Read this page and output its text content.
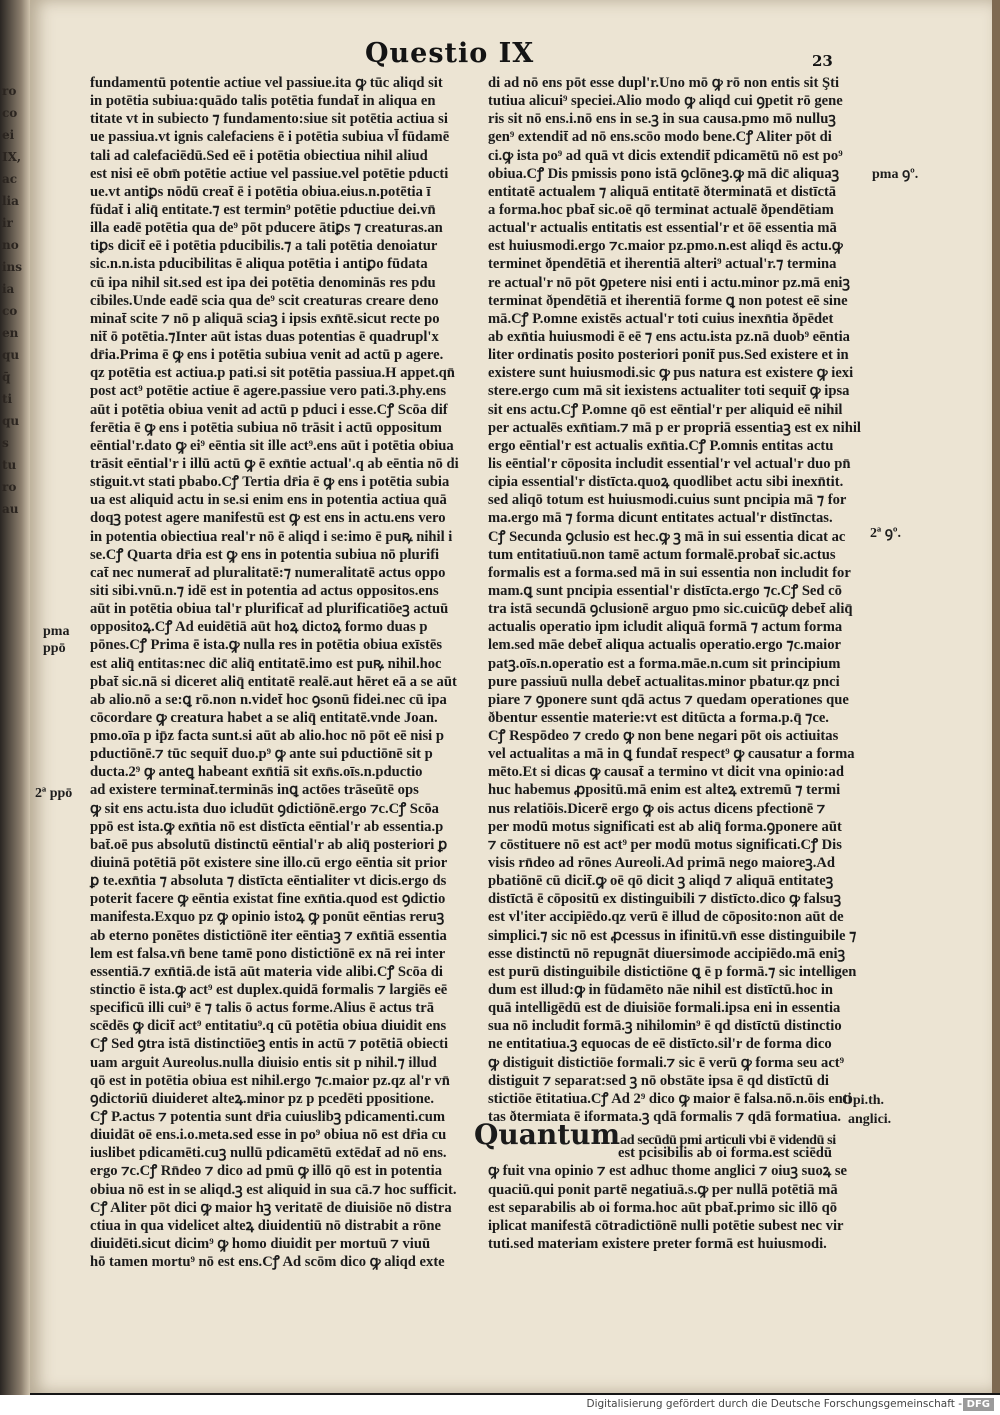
ro
co
ei
IX,
ac
lia
ir
no
ins
ia
co
en
qu
q̄
ti
qu
s
tu
ro
au
Questio IX	23
fundamentū potentie actiue vel passiue.ita ꝙ tūc aliqd sit
in potētia subiua:quādo talis potētia fundat̄ in aliqua en
titate vt in subiecto ⁊ fundamento:siue sit potētia actiua si
ue passiua.vt ignis calefaciens ē i potētia subiua vl̄ fūdamē
tali ad calefaciēdū.Sed eē i potētia obiectiua nihil aliud
est nisi eē obm̄ potētie actiue vel passiue.vel potētie pducti
ue.vt antiꝑs nōdū creat̄ ē i potētia obiua.eius.n.potētia ī
fūdat̄ i aliq̄ entitate.⁊ est termin⁹ potētie pductiue dei.vn̄
illa eadē potētia qua de⁹ pōt pducere ātiꝑs ⁊ creaturas.an
tiꝑs dicit̄ eē i potētia pducibilis.⁊ a tali potētia denoiatur
sic.n.n.ista pducibilitas ē aliqua potētia i antiꝑo fūdata
cū ipa nihil sit.sed est ipa dei potētia denominās res pdu
cibiles.Unde eadē scia qua de⁹ scit creaturas creare deno
minat̄ scite ⁊ nō p aliquā sciaꝫ i ipsis exn̄tē.sicut recte po
nit̄ ō potētia.⁊Inter aūt istas duas potentias ē quadrupl'x
dr̄ia.Prima ē ꝙ ens i potētia subiua venit ad actū p agere.
qz potētia est actiua.p pati.si sit potētia passiua.H appet.qn̄
post act⁹ potētie actiue ē agere.passiue vero pati.3.phy.ens
aūt i potētia obiua venit ad actū p pduci i esse.Cꝭ Scōa dif
ferētia ē ꝙ ens i potētia subiua nō trāsit i actū oppositum
eēntial'r.dato ꝙ ei⁹ eēntia sit ille act⁹.ens aūt i potētia obiua
trāsit eēntial'r i illū actū ꝙ ē exn̄tie actual'.q ab eēntia nō di
stiguit.vt stati pbabo.Cꝭ Tertia dr̄ia ē ꝙ ens i potētia subia
ua est aliquid actu in se.si enim ens in potentia actiua quā
doqꝫ potest agere manifestū est ꝙ est ens in actu.ens vero
in potentia obiectiua real'r nō ē aliqd i se:imo ē puꝶ nihil i
se.Cꝭ Quarta dr̄ia est ꝙ ens in potentia subiua nō plurifi
cat̄ nec numerat̄ ad pluralitatē:⁊ numeralitatē actus oppo
siti sibi.vnū.n.⁊ idē est in potentia ad actus oppositos.ens
aūt in potētia obiua tal'r plurificat̄ ad plurificatiōeꝫ actuū
oppositoꝝ.Cꝭ Ad euidētiā aūt hoꝝ dictoꝝ formo duas p
pōnes.Cꝭ Prima ē ista.ꝙ nulla res in potētia obiua exīstēs
est aliq̄ entitas:nec dic̄ aliq̄ entitatē.imo est puꝶ nihil.hoc
pbat̄ sic.nā si diceret aliq̄ entitatē realē.aut hēret eā a se aūt
ab alio.nō a se:ꝗ rō.non n.videt̄ hoc ꝯsonū fidei.nec cū ipa
cōcordare ꝙ creatura habet a se aliq̄ entitatē.vnde Joan.
pmo.oīa p ip̄z facta sunt.si aūt ab alio.hoc nō pōt eē nisi p
pductiōnē.⁊ tūc sequit̄ duo.p⁹ ꝙ ante sui pductiōnē sit p
ducta.2⁹ ꝙ anteꝗ habeant exn̄tiā sit exn̄s.oīs.n.pductio
ad existere terminat̄.terminās inꝗ actōes trāseūtē ops
ꝙ sit ens actu.ista duo icludūt ꝯdictiōnē.ergo ⁊c.Cꝭ Scōa
ppō est ista.ꝙ exn̄tia nō est distīcta eēntial'r ab essentia.p
bat̄.oē pus absolutū distinctū eēntial'r ab aliq̄ posteriori ꝑ
diuinā potētiā pōt existere sine illo.cū ergo eēntia sit prior
ꝑ te.exn̄tia ⁊ absoluta ⁊ distīcta eēntialiter vt dicis.ergo ds
poterit facere ꝙ eēntia existat fine exn̄tia.quod est ꝯdictio
manifesta.Exquo pz ꝙ opinio istoꝝ ꝙ ponūt eēntias reruꝫ
ab eterno ponētes distictiōnē iter eēntiaꝫ ⁊ exn̄tiā essentia
lem est falsa.vn̄ bene tamē pono distictiōnē ex nā rei inter
essentiā.⁊ exn̄tiā.de istā aūt materia vide alibi.Cꝭ Scōa di
stinctio ē ista.ꝙ act⁹ est duplex.quidā formalis ⁊ largiēs eē
specificū illi cui⁹ ē ⁊ talis ō actus forme.Alius ē actus trā
scēdēs ꝙ dicit̄ act⁹ entitatiu⁹.q cū potētia obiua diuidit ens
Cꝭ Sed ꝯtra istā distinctiōeꝫ entis in actū ⁊ potētiā obiecti
uam arguit Aureolus.nulla diuisio entis sit p nihil.⁊ illud
qō est in potētia obiua est nihil.ergo ⁊c.maior pz.qz al'r vn̄
ꝯdictoriū diuideret alteꝝ.minor pz p pcedēti ppositione.
Cꝭ P.actus ⁊ potentia sunt dr̄ia cuiuslibꝫ pdicamenti.cum
diuidāt oē ens.i.o.meta.sed esse in po⁹ obiua nō est dr̄ia cu
iuslibet pdicamēti.cuꝫ nullū pdicamētū extēdat̄ ad nō ens.
ergo ⁊c.Cꝭ Rn̄deo ⁊ dico ad pmū ꝙ illō qō est in potentia
obiua nō est in se aliqd.ꝫ est aliquid in sua cā.⁊ hoc sufficit.
Cꝭ Aliter pōt dici ꝙ maior hꝫ veritatē de diuisiōe nō distra
ctiua in qua videlicet alteꝝ diuidentiū nō distrabit a rōne
diuidēti.sicut dicim⁹ ꝙ homo diuidit per mortuū ⁊ viuū
hō tamen mortu⁹ nō est ens.Cꝭ Ad scōm dico ꝙ aliqd exte
di ad nō ens pōt esse dupl'r.Uno mō ꝙ rō non entis sit Şti
tutiua alicui⁹ speciei.Alio modo ꝙ aliqd cui ꝯpetit rō gene
ris sit nō ens.i.nō ens in se.ꝫ in sua causa.pmo mō nulluꝫ
gen⁹ extendit̄ ad nō ens.scōo modo bene.Cꝭ Aliter pōt di
ci.ꝙ ista po⁹ ad quā vt dicis extendit̄ pdicamētū nō est po⁹
obiua.Cꝭ Dis pmissis pono istā ꝯclōneꝫ.ꝙ mā dic̄ aliquaꝫ
entitatē actualem ⁊ aliquā entitatē ðterminatā et distīctā
a forma.hoc pbat̄ sic.oē qō terminat actualē ðpendētiam
actual'r actualis entitatis est essential'r et ōē essentia mā
est huiusmodi.ergo ⁊c.maior pz.pmo.n.est aliqd ēs actu.ꝙ
terminet ðpendētiā et iherentiā alteri⁹ actual'r.⁊ termina
re actual'r nō pōt ꝯpetere nisi enti i actu.minor pz.mā eniꝫ
terminat ðpendētiā et iherentiā forme ꝗ non potest eē sine
mā.Cꝭ P.omne existēs actual'r toti cuius inexn̄tia ðpēdet
ab exn̄tia huiusmodi ē eē ⁊ ens actu.ista pz.nā duob⁹ eēntia
liter ordinatis posito posteriori ponit̄ pus.Sed existere et in
existere sunt huiusmodi.sic ꝙ pus natura est existere ꝙ iexi
stere.ergo cum mā sit iexistens actualiter toti sequit̄ ꝙ ipsa
sit ens actu.Cꝭ P.omne qō est eēntial'r per aliquid eē nihil
per actualēs exn̄tiam.⁊ mā p er propriā essentiaꝫ est ex nihil
ergo eēntial'r est actualis exn̄tia.Cꝭ P.omnis entitas actu
lis eēntial'r cōposita includit essential'r vel actual'r duo pn̄
cipia essential'r distīcta.quoꝝ quodlibet actu sibi inexn̄tit.
sed aliqō totum est huiusmodi.cuius sunt pncipia mā ⁊ for
ma.ergo mā ⁊ forma dicunt entitates actual'r distīnctas.
Cꝭ Secunda ꝯclusio est hec.ꝙ ꝫ mā in sui essentia dicat ac
tum entitatiuū.non tamē actum formalē.probat̄ sic.actus
formalis est a forma.sed mā in sui essentia non includit for
mam.ꝗ sunt pncipia essential'r distīcta.ergo ⁊c.Cꝭ Sed cō
tra istā secundā ꝯclusionē arguo pmo sic.cuicūꝙ debet̄ aliq̄
actualis operatio ipm icludit aliquā formā ⁊ actum forma
lem.sed māe debet̄ aliqua actualis operatio.ergo ⁊c.maior
patꝫ.oīs.n.operatio est a forma.māe.n.cum sit principium
pure passiuū nulla debet̄ actualitas.minor pbatur.qz pnci
piare ⁊ ꝯponere sunt qdā actus ⁊ quedam operationes que
ðbentur essentie materie:vt est ditūcta a forma.p.q̄ ⁊ce.
Cꝭ Respōdeo ⁊ credo ꝙ non bene negari pōt ois actiuitas
vel actualitas a mā in ꝗ fundat̄ respect⁹ ꝙ causatur a forma
mēto.Et si dicas ꝙ causat̄ a termino vt dicit vna opinio:ad
huc habemus ꝓpositū.mā enim est alteꝝ extremū ⁊ termi
nus relatiōis.Dicerē ergo ꝙ ois actus dicens pfectionē ⁊
per modū motus significati est ab aliq̄ forma.ꝯponere aūt
⁊ cōstituere nō est act⁹ per modū motus significati.Cꝭ Dis
visis rn̄deo ad rōnes Aureoli.Ad primā nego maioreꝫ.Ad
pbatiōnē cū dicit̄.ꝙ oē qō dicit ꝫ aliqd ⁊ aliquā entitateꝫ
distīctā ē cōpositū ex distinguibili ⁊ distīcto.dico ꝙ falsuꝫ
est vl'iter accipiēdo.qz verū ē illud de cōposito:non aūt de
simplici.⁊ sic nō est ꝓcessus in ifinitū.vn̄ esse distinguibile ⁊
esse distinctū nō repugnāt diuersimode accipiēdo.mā eniꝫ
est purū distinguibile distictiōne ꝗ ē p formā.⁊ sic intelligen
dum est illud:ꝙ in fūdamēto nāe nihil est distīctū.hoc in
quā intelligēdū est de diuisiōe formali.ipsa eni in essentia
sua nō includit formā.ꝫ nihilomin⁹ ē qd distīctū distinctio
ne entitatiua.ꝫ equocas de eē distīcto.sil'r de forma dico
ꝙ distiguit distictiōe formali.⁊ sic ē verū ꝙ forma seu act⁹
distiguit ⁊ separat:sed ꝫ nō obstāte ipsa ē qd distīctū di
stictiōe ētitatiua.Cꝭ Ad 2⁹ dico ꝙ maior ē falsa.nō.n.ōis enti
tas ðtermiata ē iformata.ꝫ qdā formalis ⁊ qdā formatiua.
Quantumad secūdū pmi articuli vbi ē videndū si
est pcisibilis ab oi forma.est sciēdū
ꝙ fuit vna opinio ⁊ est adhuc thome anglici ⁊ oiuꝫ suoꝝ se
quaciū.qui ponit partē negatiuā.s.ꝙ per nullā potētiā mā
est separabilis ab oi forma.hoc aūt pbat̄.primo sic illō qō
iplicat manifestā cōtradictiōnē nulli potētie subest nec vir
tuti.sed materiam existere preter formā est huiusmodi.
pma ꝯº.
2ª ꝯº.
Opi.th.
anglici.
pma
ppō
2ª ppō
Digitalisierung gefördert durch die Deutsche Forschungsgemeinschaft - DFG
